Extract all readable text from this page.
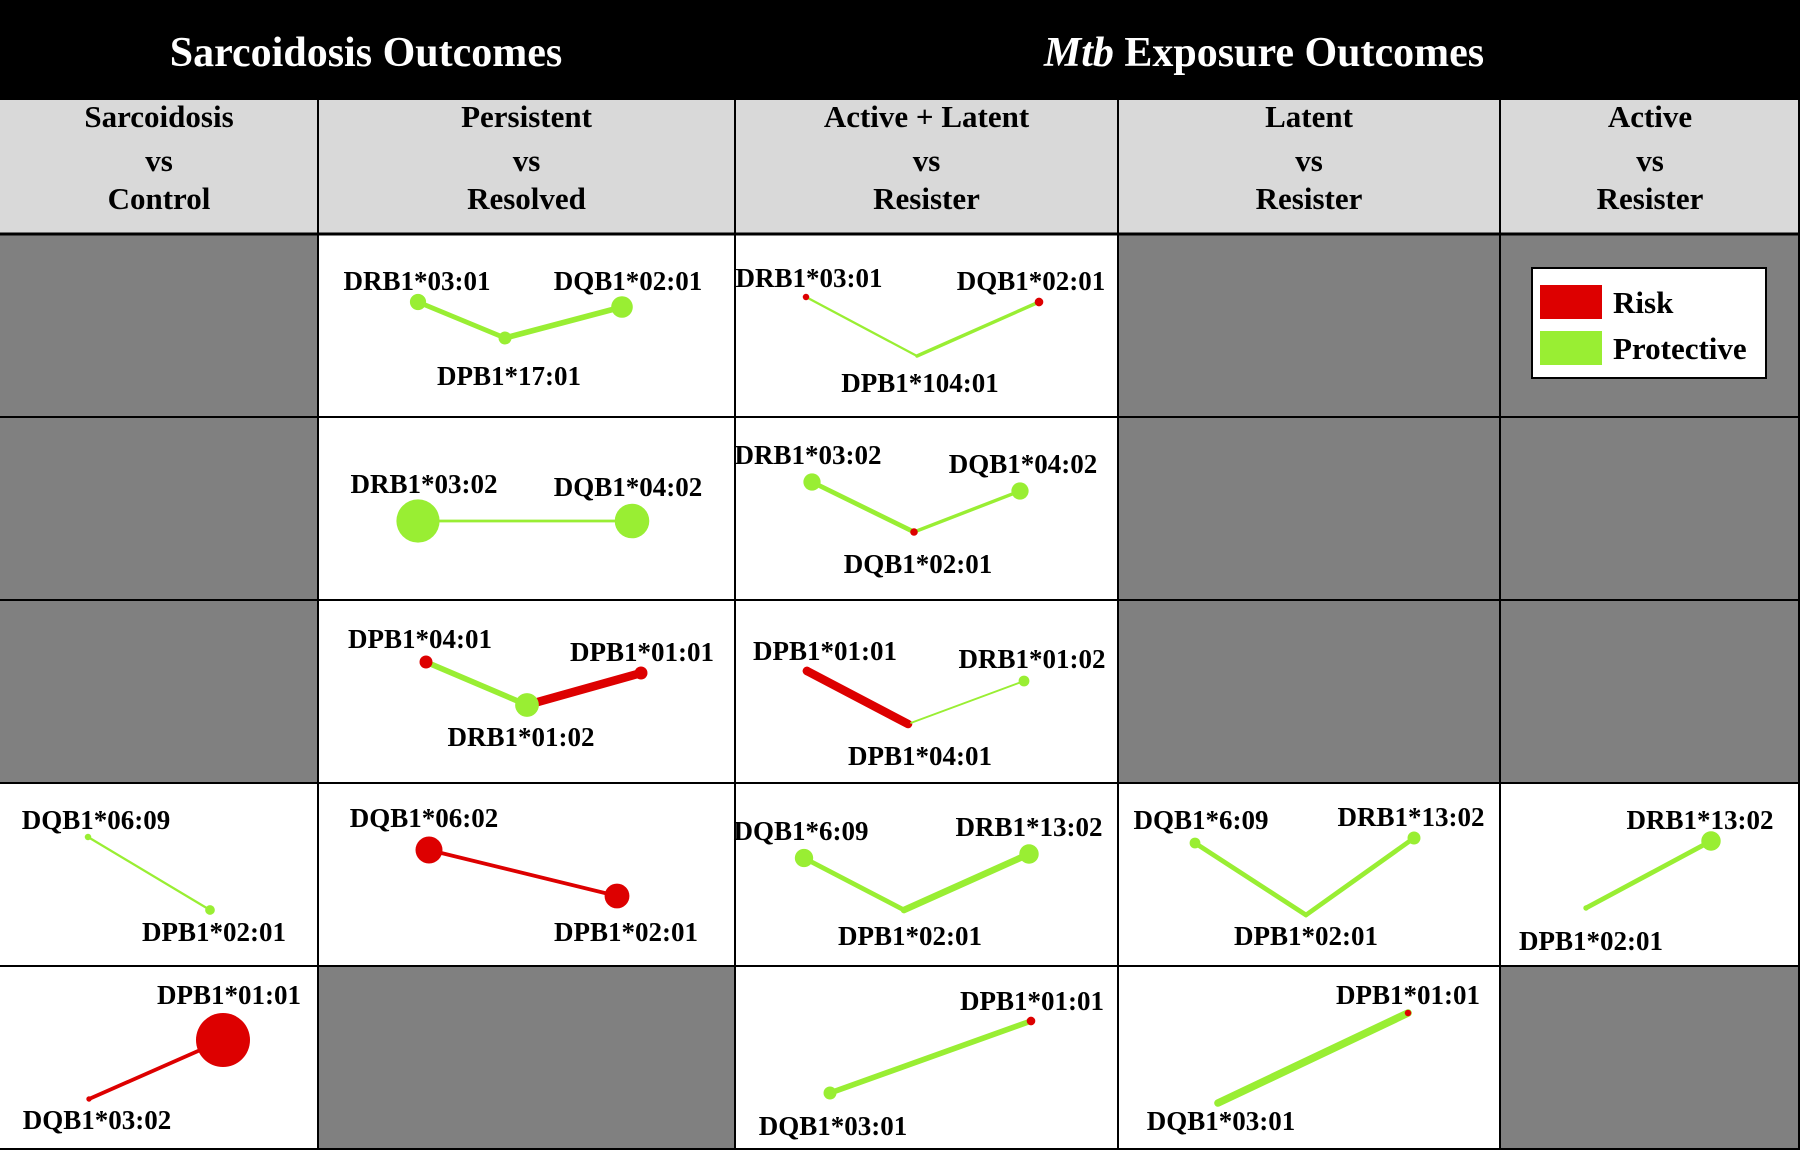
Sarcoidosis Outcomes	Mtb Exposure Outcomes
Sarcoidosis
vs
Control
Persistent
vs
Resolved
Active + Latent
vs
Resister
Latent
vs
Resister
Active
vs
Resister
DRB1*03:01
DPB1*17:01
DQB1*02:01 DRB1*03:01
DPB1*104:01
DQB1*02:01
DRB1*03:02 DQB1*04:02
DRB1*03:02
DQB1*02:01
DQB1*04:02
DPB1*04:01
DRB1*01:02
DPB1*01:01 DPB1*01:01
DPB1*04:01
DRB1*01:02
DQB1*06:09
DPB1*02:01
DQB1*06:02
DPB1*02:01
DQB1*6:09
DPB1*02:01
DRB1*13:02 DQB1*6:09
DPB1*02:01
DRB1*13:02
DPB1*02:01
DRB1*13:02
DQB1*03:02
DPB1*01:01
DQB1*03:01
DPB1*01:01
DQB1*03:01
DPB1*01:01
Risk
Protective
